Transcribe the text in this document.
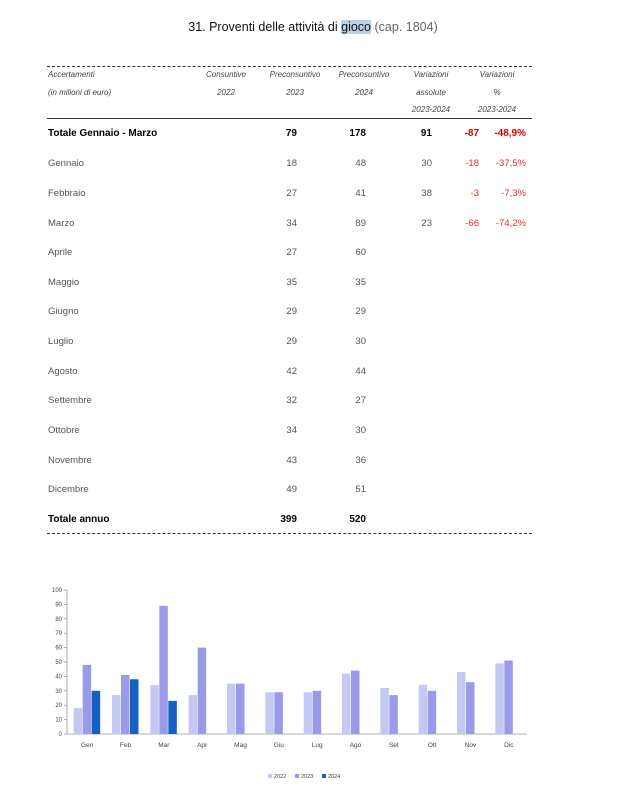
31. Proventi delle attività di gioco (cap. 1804)
Accertamenti
(in milioni di euro)
Consuntivo
2022
Preconsuntivo
2023
Preconsuntivo
2024
Variazioni
assolute
2023-2024
Variazioni
%
2023-2024
Totale Gennaio - Marzo	79	178	91	-87 -48,9%
Gennaio	18	48	30	-18 -37,5%
Febbraio	27	41	38	-3 -7,3%
Marzo	34	89	23	-66 -74,2%
Aprile	27	60
Maggio	35	35
Giugno	29	29
Luglio	29	30
Agosto	42	44
Settembre	32	27
Ottobre	34	30
Novembre	43	36
Dicembre	49	51
Totale annuo	399	520
0
10
20
30
40
50
60
70
80
90
100
Gen	Feb	Mar	Apr	Mag	Giu	Lug	Ago	Set	Ott	Nov	Dic
2022	2023	2024
